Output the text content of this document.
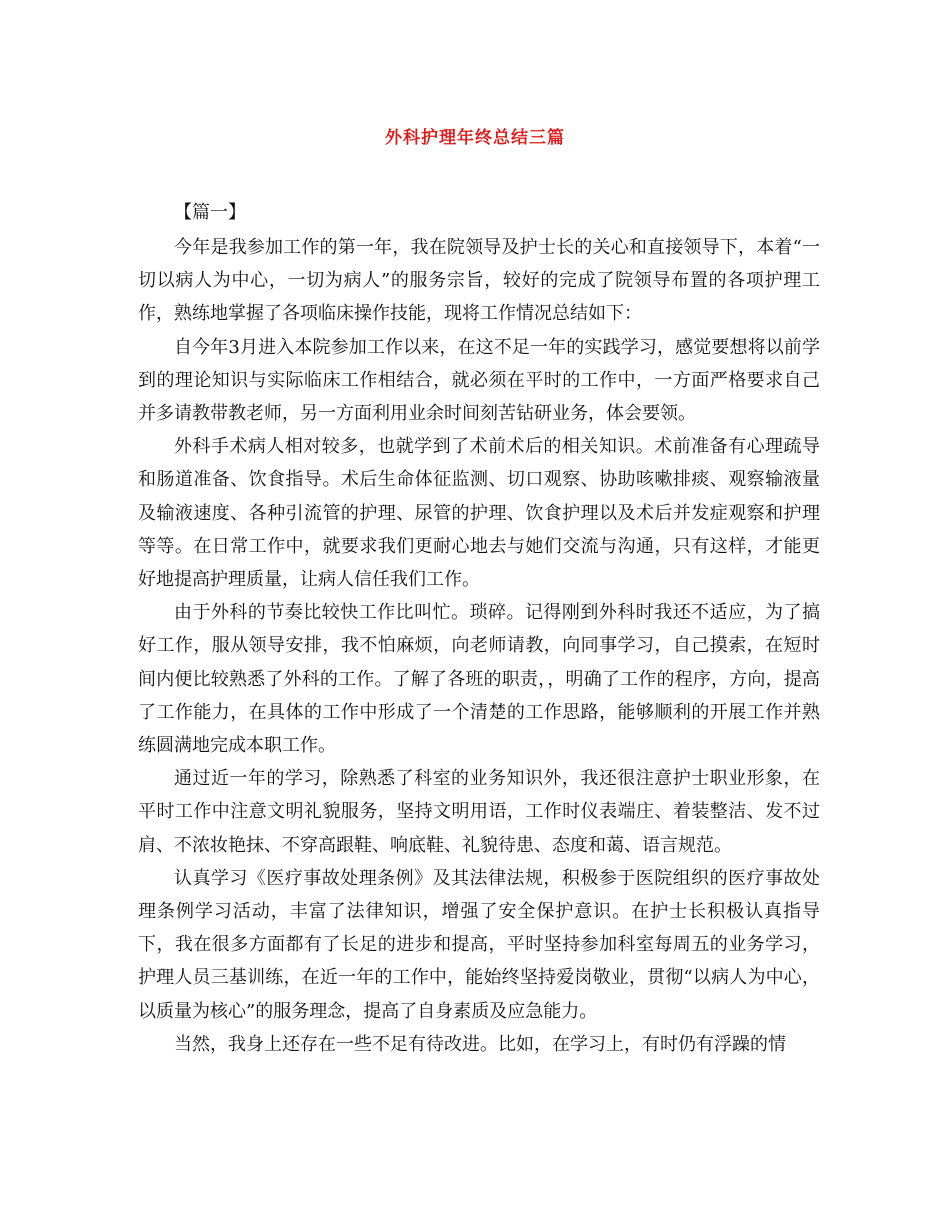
外科护理年终总结三篇

【篇一】

今年是我参加工作的第一年，我在院领导及护士长的关心和直接领导下，本着“一切以病人为中心，一切为病人”的服务宗旨，较好的完成了院领导布置的各项护理工作，熟练地掌握了各项临床操作技能，现将工作情况总结如下：

自今年3月进入本院参加工作以来，在这不足一年的实践学习，感觉要想将以前学到的理论知识与实际临床工作相结合，就必须在平时的工作中，一方面严格要求自己并多请教带教老师，另一方面利用业余时间刻苦钻研业务，体会要领。

外科手术病人相对较多，也就学到了术前术后的相关知识。术前准备有心理疏导和肠道准备、饮食指导。术后生命体征监测、切口观察、协助咳嗽排痰、观察输液量及输液速度、各种引流管的护理、尿管的护理、饮食护理以及术后并发症观察和护理等等。在日常工作中，就要求我们更耐心地去与她们交流与沟通，只有这样，才能更好地提高护理质量，让病人信任我们工作。

由于外科的节奏比较快工作比叫忙。琐碎。记得刚到外科时我还不适应，为了搞好工作，服从领导安排，我不怕麻烦，向老师请教，向同事学习，自己摸索，在短时间内便比较熟悉了外科的工作。了解了各班的职责，，明确了工作的程序，方向，提高了工作能力，在具体的工作中形成了一个清楚的工作思路，能够顺利的开展工作并熟练圆满地完成本职工作。

通过近一年的学习，除熟悉了科室的业务知识外，我还很注意护士职业形象，在平时工作中注意文明礼貌服务，坚持文明用语，工作时仪表端庄、着装整洁、发不过肩、不浓妆艳抹、不穿高跟鞋、响底鞋、礼貌待患、态度和蔼、语言规范。

认真学习《医疗事故处理条例》及其法律法规，积极参于医院组织的医疗事故处理条例学习活动，丰富了法律知识，增强了安全保护意识。在护士长积极认真指导下，我在很多方面都有了长足的进步和提高，平时坚持参加科室每周五的业务学习，护理人员三基训练，在近一年的工作中，能始终坚持爱岗敬业，贯彻“以病人为中心，以质量为核心”的服务理念，提高了自身素质及应急能力。

当然，我身上还存在一些不足有待改进。比如，在学习上，有时仍有浮躁的情
